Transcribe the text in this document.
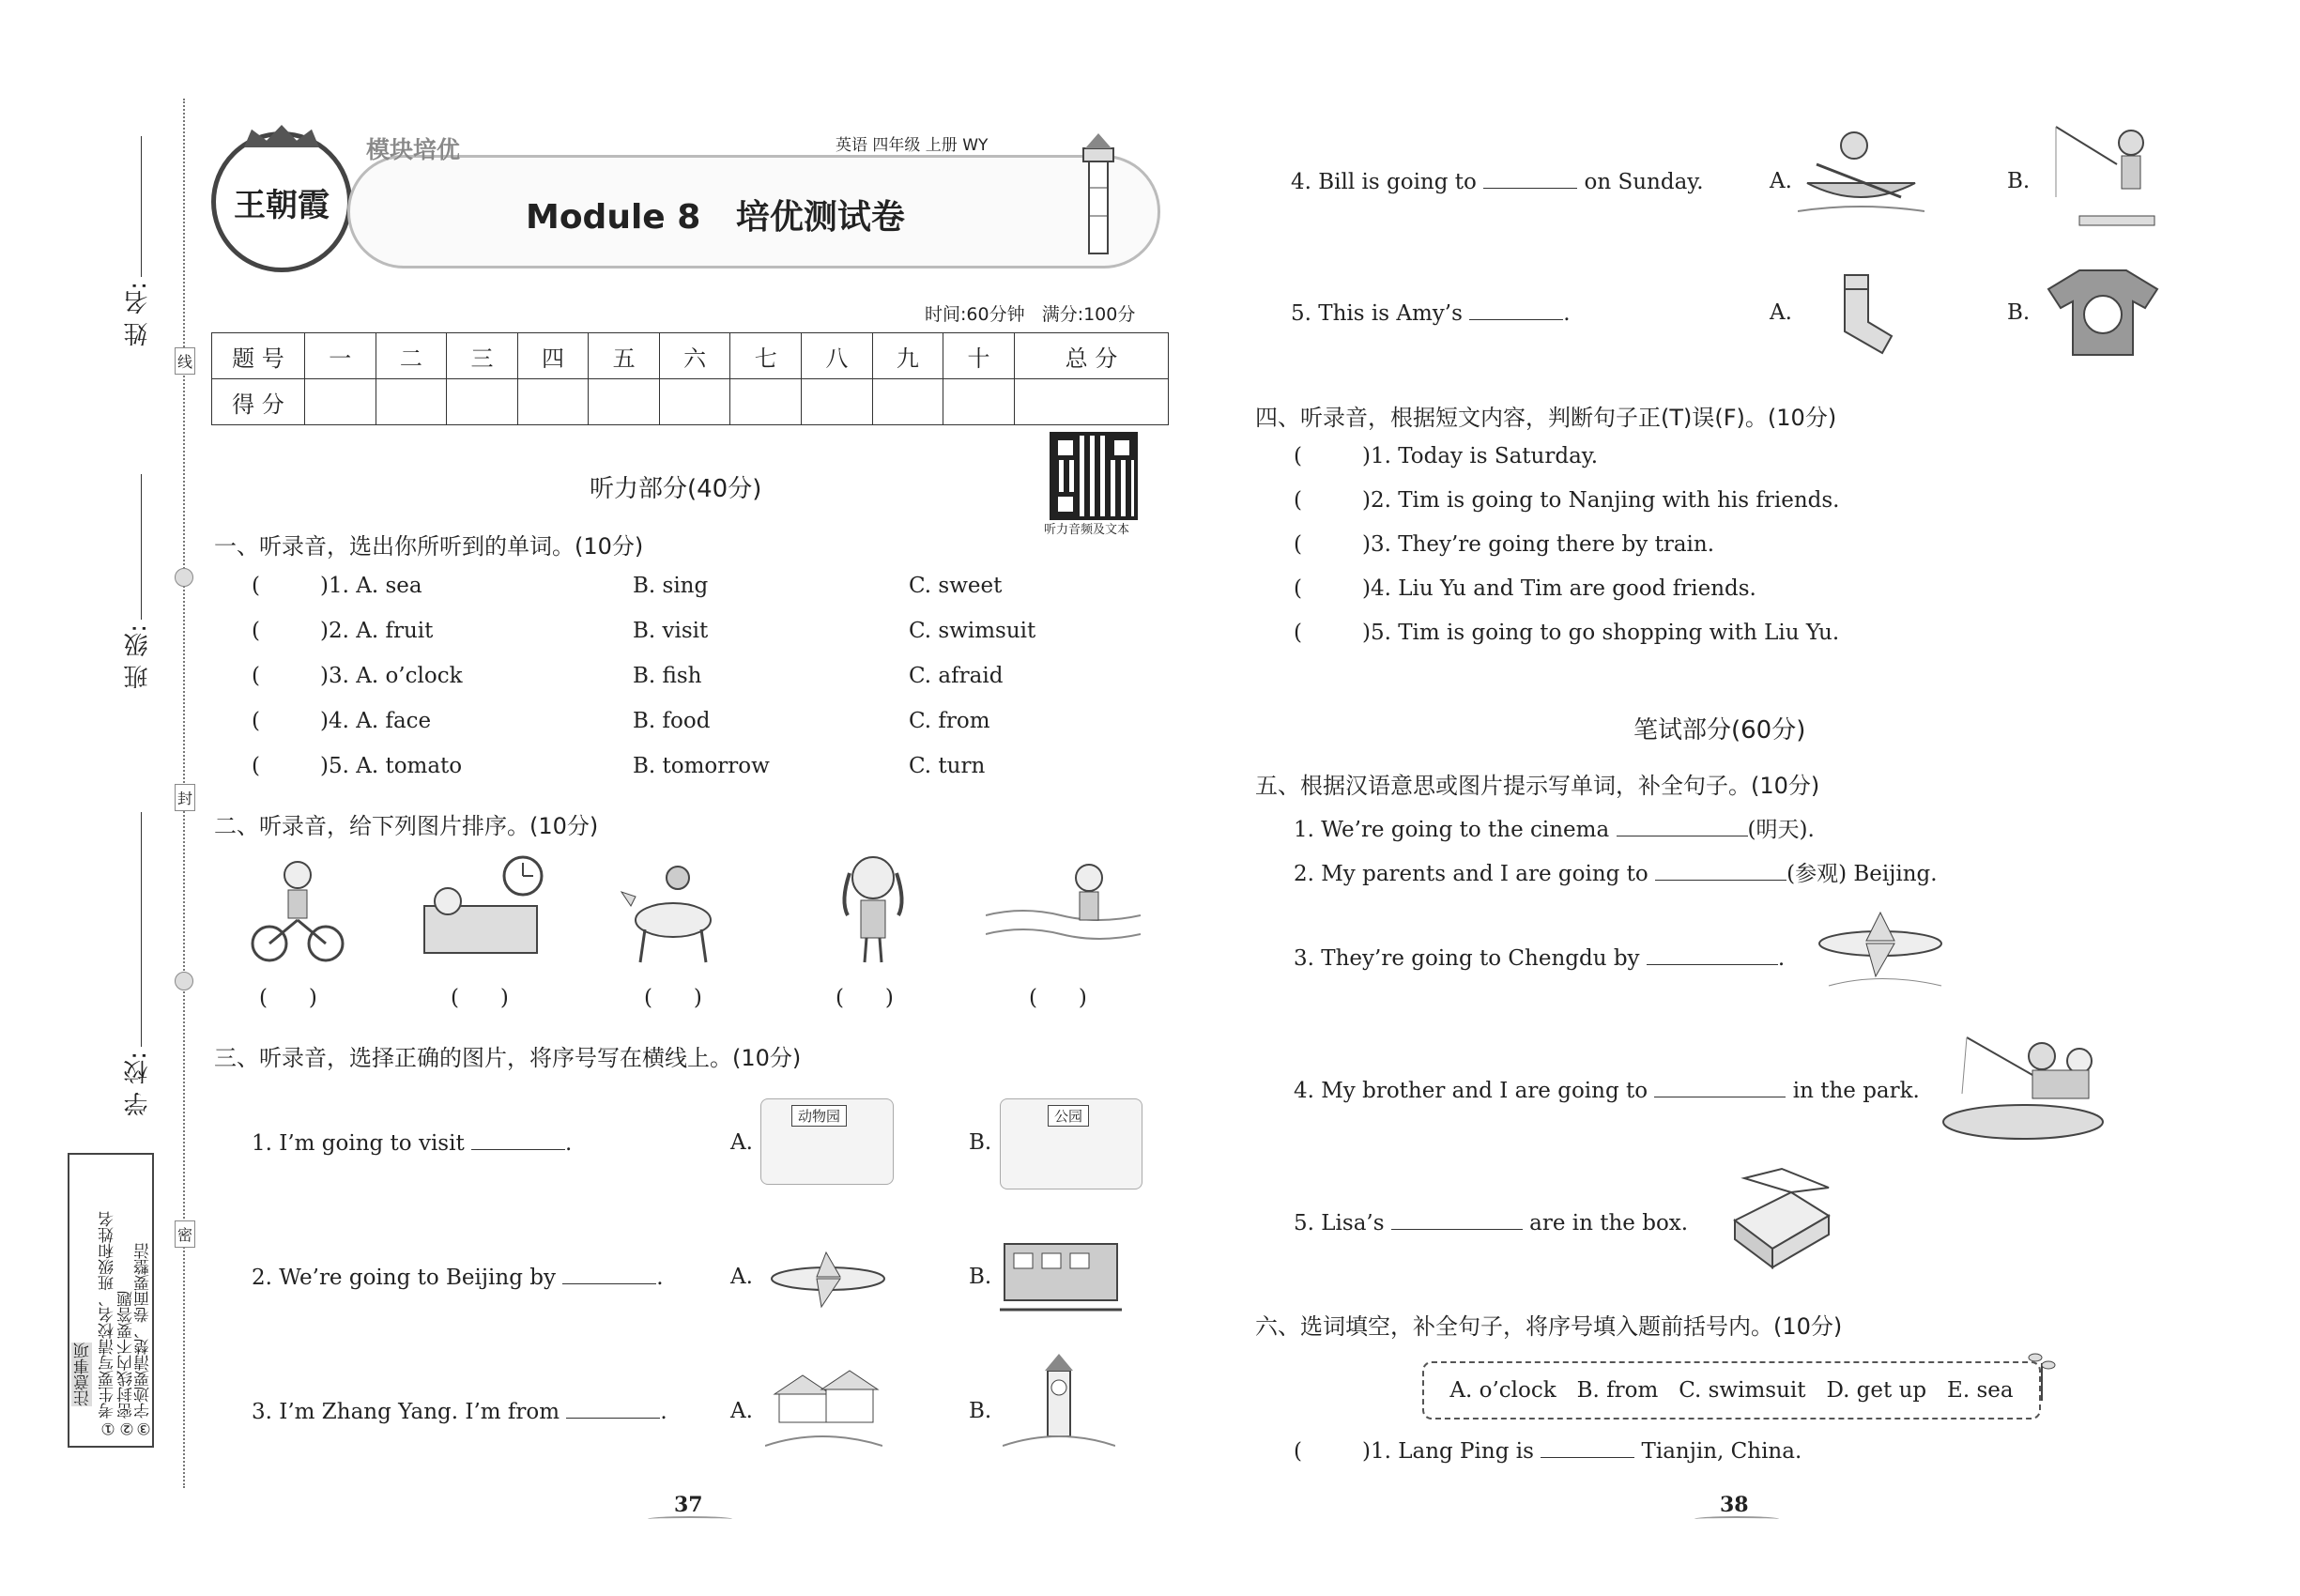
姓 名:
班 级:
学 校:
线
封
密
注意事项 ①考生要写清校名、班级和姓名 ②密封线内不要答题
③字迹要清楚、卷面要整洁
王朝霞
模块培优	英语 四年级 上册 WY
Module 8   培优测试卷
时间:60分钟   满分:100分
题 号	一	二	三	四	五	六	七	八	九	十	总 分
得 分											
听力音频及文本
听力部分(40分)
一、听录音，选出你所听到的单词。(10分)
(	)1. A. sea	B. sing	C. sweet
(	)2. A. fruit	B. visit	C. swimsuit
(	)3. A. o’clock	B. fish	C. afraid
(	)4. A. face	B. food	C. from
(	)5. A. tomato	B. tomorrow	C. turn
二、听录音，给下列图片排序。(10分)
(      )	(      )	(      )	(      )	(      )
三、听录音，选择正确的图片，将序号写在横线上。(10分)
1. I’m going to visit	.	A.
动物园
B.
公园
2. We’re going to Beijing by	.	A.	B.
3. I’m Zhang Yang. I’m from	.	A.	B.
37
4. Bill is going to	on Sunday.	A.	B.
5. This is Amy’s	.	A.	B.
四、听录音，根据短文内容，判断句子正(T)误(F)。(10分)
(	)1. Today is Saturday.
(	)2. Tim is going to Nanjing with his friends.
(	)3. They’re going there by train.
(	)4. Liu Yu and Tim are good friends.
(	)5. Tim is going to go shopping with Liu Yu.
笔试部分(60分)
五、根据汉语意思或图片提示写单词，补全句子。(10分)
1. We’re going to the cinema	(明天).
2. My parents and I are going to	(参观) Beijing.
3. They’re going to Chengdu by	.
4. My brother and I are going to	in the park.
5. Lisa’s	are in the box.
六、选词填空，补全句子，将序号填入题前括号内。(10分)
A. o’clock   B. from   C. swimsuit   D. get up   E. sea
(	)1. Lang Ping is	Tianjin, China.
38
